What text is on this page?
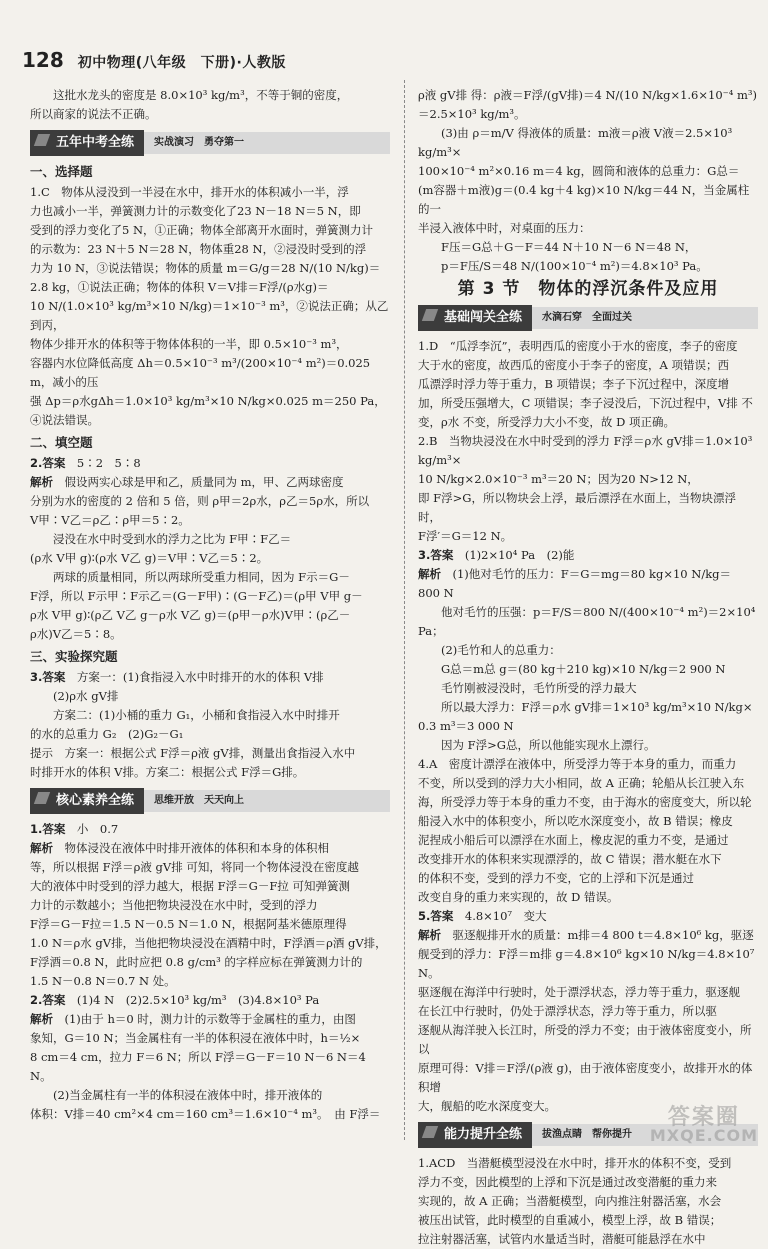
128 初中物理(八年级　下册)·人教版

这批水龙头的密度是 8.0×10³ kg/m³，不等于铜的密度，

所以商家的说法不正确。

五年中考全练	实战演习　勇夺第一
一、选择题

1.C　物体从浸没到一半浸在水中，排开水的体积减小一半，浮

力也减小一半，弹簧测力计的示数变化了23 N－18 N＝5 N，即

受到的浮力变化了5 N，①正确；物体全部离开水面时，弹簧测力计

的示数为：23 N＋5 N＝28 N，物体重28 N，②浸没时受到的浮

力为 10 N，③说法错误；物体的质量 m＝G/g＝28 N/(10 N/kg)＝

2.8 kg，①说法正确；物体的体积 V＝V排＝F浮/(ρ水g)＝

10 N/(1.0×10³ kg/m³×10 N/kg)＝1×10⁻³ m³，②说法正确；从乙到丙，

物体少排开水的体积等于物体体积的一半，即 0.5×10⁻³ m³，

容器内水位降低高度 Δh＝0.5×10⁻³ m³/(200×10⁻⁴ m²)＝0.025 m，减小的压

强 Δp＝ρ水gΔh＝1.0×10³ kg/m³×10 N/kg×0.025 m＝250 Pa，

④说法错误。

二、填空题

2.答案　 5∶2　5∶8

解析　 假设两实心球是甲和乙，质量同为 m，甲、乙两球密度

分别为水的密度的 2 倍和 5 倍，则 ρ甲＝2ρ水，ρ乙＝5ρ水，所以

V甲∶V乙＝ρ乙∶ρ甲＝5∶2。

浸没在水中时受到水的浮力之比为 F甲∶F乙＝

(ρ水 V甲 g)∶(ρ水 V乙 g)＝V甲∶V乙＝5∶2。

两球的质量相同，所以两球所受重力相同，因为 F示＝G－

F浮，所以 F示甲∶F示乙＝(G－F甲)∶(G－F乙)＝(ρ甲 V甲 g－

ρ水 V甲 g)∶(ρ乙 V乙 g－ρ水 V乙 g)＝(ρ甲－ρ水)V甲∶(ρ乙－

ρ水)V乙＝5∶8。

三、实验探究题

3.答案　 方案一：(1)食指浸入水中时排开的水的体积 V排

(2)ρ水 gV排

方案二：(1)小桶的重力 G₁，小桶和食指浸入水中时排开

的水的总重力 G₂　(2)G₂－G₁

提示　方案一：根据公式 F浮＝ρ液 gV排，测量出食指浸入水中

时排开水的体积 V排。方案二：根据公式 F浮＝G排。

核心素养全练	思维开放　天天向上

1.答案　 小　0.7

解析　 物体浸没在液体中时排开液体的体积和本身的体积相

等，所以根据 F浮＝ρ液 gV排 可知，将同一个物体浸没在密度越

大的液体中时受到的浮力越大，根据 F浮＝G－F拉 可知弹簧测

力计的示数越小；当他把物块浸没在水中时，受到的浮力

F浮＝G－F拉＝1.5 N－0.5 N＝1.0 N，根据阿基米德原理得

1.0 N＝ρ水 gV排，当他把物块浸没在酒精中时，F浮酒＝ρ酒 gV排，

F浮酒＝0.8 N，此时应把 0.8 g/cm³ 的字样应标在弹簧测力计的

1.5 N－0.8 N＝0.7 N 处。

2.答案　 (1)4 N　(2)2.5×10³ kg/m³　(3)4.8×10³ Pa

解析　 (1)由于 h＝0 时，测力计的示数等于金属柱的重力，由图

象知，G＝10 N；当金属柱有一半的体积浸在液体中时，h＝½×

8 cm＝4 cm，拉力 F＝6 N；所以 F浮＝G－F＝10 N－6 N＝4 N。

(2)当金属柱有一半的体积浸在液体中时，排开液体的

体积：V排＝40 cm²×4 cm＝160 cm³＝1.6×10⁻⁴ m³。　由 F浮＝

ρ液 gV排 得：ρ液＝F浮/(gV排)＝4 N/(10 N/kg×1.6×10⁻⁴ m³)＝2.5×10³ kg/m³。

(3)由 ρ＝m/V 得液体的质量：m液＝ρ液 V液＝2.5×10³ kg/m³×

100×10⁻⁴ m²×0.16 m＝4 kg，圆筒和液体的总重力：G总＝

(m容器＋m液)g＝(0.4 kg＋4 kg)×10 N/kg＝44 N，当金属柱的一

半浸入液体中时，对桌面的压力：

F压＝G总＋G－F＝44 N＋10 N－6 N＝48 N，

p＝F压/S＝48 N/(100×10⁻⁴ m²)＝4.8×10³ Pa。

第 3 节　物体的浮沉条件及应用
基础闯关全练	水滴石穿　全面过关

1.D　“瓜浮李沉”，表明西瓜的密度小于水的密度，李子的密度

大于水的密度，故西瓜的密度小于李子的密度，A 项错误；西

瓜漂浮时浮力等于重力，B 项错误；李子下沉过程中，深度增

加，所受压强增大，C 项错误；李子浸没后，下沉过程中，V排 不

变，ρ水 不变，所受浮力大小不变，故 D 项正确。

2.B　当物块浸没在水中时受到的浮力 F浮＝ρ水 gV排＝1.0×10³ kg/m³×

10 N/kg×2.0×10⁻³ m³＝20 N；因为20 N>12 N，

即 F浮>G，所以物块会上浮，最后漂浮在水面上，当物块漂浮时，

F浮′＝G＝12 N。

3.答案　 (1)2×10⁴ Pa　(2)能

解析　 (1)他对毛竹的压力：F＝G＝mg＝80 kg×10 N/kg＝

800 N

他对毛竹的压强：p＝F/S＝800 N/(400×10⁻⁴ m²)＝2×10⁴ Pa；

(2)毛竹和人的总重力：

G总＝m总 g＝(80 kg＋210 kg)×10 N/kg＝2 900 N

毛竹刚被浸没时，毛竹所受的浮力最大

所以最大浮力：F浮＝ρ水 gV排＝1×10³ kg/m³×10 N/kg×

0.3 m³＝3 000 N

因为 F浮>G总，所以他能实现水上漂行。

4.A　密度计漂浮在液体中，所受浮力等于本身的重力，而重力

不变，所以受到的浮力大小相同，故 A 正确；轮船从长江驶入东

海，所受浮力等于本身的重力不变，由于海水的密度变大，所以轮

船浸入水中的体积变小，所以吃水深度变小，故 B 错误；橡皮

泥捏成小船后可以漂浮在水面上，橡皮泥的重力不变，是通过

改变排开水的体积来实现漂浮的，故 C 错误；潜水艇在水下

的体积不变，受到的浮力不变，它的上浮和下沉是通过

改变自身的重力来实现的，故 D 错误。

5.答案　 4.8×10⁷　变大

解析　 驱逐舰排开水的质量：m排＝4 800 t＝4.8×10⁶ kg，驱逐

舰受到的浮力：F浮＝m排 g＝4.8×10⁶ kg×10 N/kg＝4.8×10⁷ N。

驱逐舰在海洋中行驶时，处于漂浮状态，浮力等于重力，驱逐舰

在长江中行驶时，仍处于漂浮状态，浮力等于重力，所以驱

逐舰从海洋驶入长江时，所受的浮力不变；由于液体密度变小，所以

原理可得：V排＝F浮/(ρ液 g)，由于液体密度变小，故排开水的体积增

大，舰船的吃水深度变大。

能力提升全练	拔渔点睛　帮你提升

1.ACD　当潜艇模型浸没在水中时，排开水的体积不变，受到

浮力不变，因此模型的上浮和下沉是通过改变潜艇的重力来

实现的，故 A 正确；当潜艇模型，向内推注射器活塞，水会

被压出试管，此时模型的自重减小，模型上浮，故 B 错误；

拉注射器活塞，试管内水量适当时，潜艇可能悬浮在水中

答案圈
MXQE.COM
